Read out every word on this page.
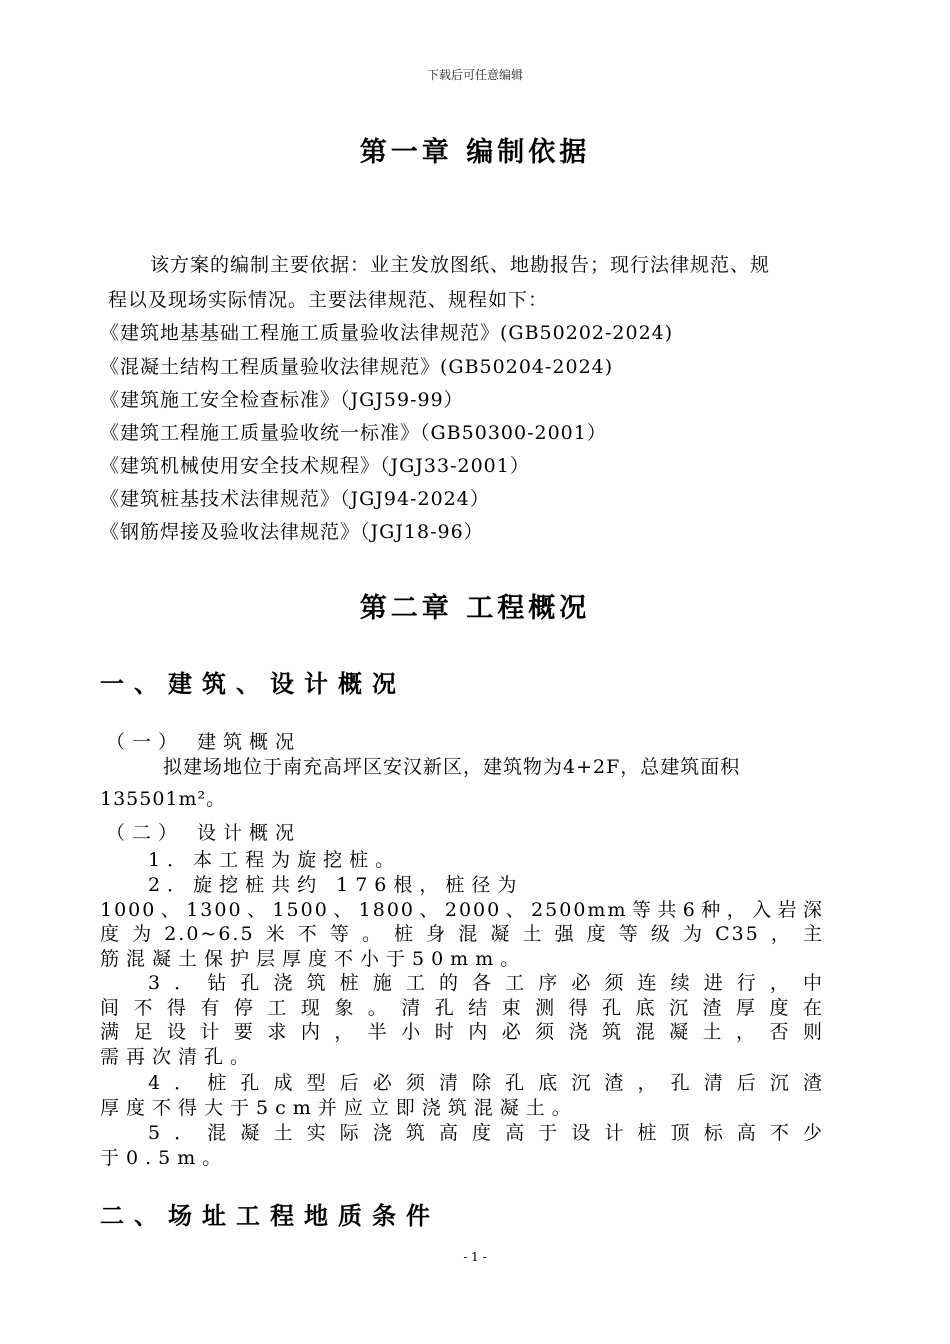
下载后可任意编辑
第一章 编制依据
该方案的编制主要依据：业主发放图纸、地勘报告；现行法律规范、规
程以及现场实际情况。主要法律规范、规程如下：
《建筑地基基础工程施工质量验收法律规范》(GB50202-2024)
《混凝土结构工程质量验收法律规范》(GB50204-2024)
《建筑施工安全检查标准》（JGJ59-99）
《建筑工程施工质量验收统一标准》（GB50300-2001）
《建筑机械使用安全技术规程》（JGJ33-2001）
《建筑桩基技术法律规范》（JGJ94-2024）
《钢筋焊接及验收法律规范》（JGJ18-96）
第二章 工程概况
一、建筑、设计概况
（一） 建筑概况
拟建场地位于南充高坪区安汉新区，建筑物为4+2F，总建筑面积
135501m²。
（二） 设计概况
1．本工程为旋挖桩。
2．旋挖桩共约 176根，桩径为
1000、1300、1500、1800、2000、2500mm等共6种，入岩深
度为2.0~6.5米不等。桩身混凝土强度等级为C35，主
筋混凝土保护层厚度不小于50mm。
3．钻孔浇筑桩施工的各工序必须连续进行，中
间不得有停工现象。清孔结束测得孔底沉渣厚度在
满足设计要求内，半小时内必须浇筑混凝土，否则
需再次清孔。
4．桩孔成型后必须清除孔底沉渣，孔清后沉渣
厚度不得大于5cm并应立即浇筑混凝土。
5．混凝土实际浇筑高度高于设计桩顶标高不少
于0.5m。
二、场址工程地质条件
- 1 -
